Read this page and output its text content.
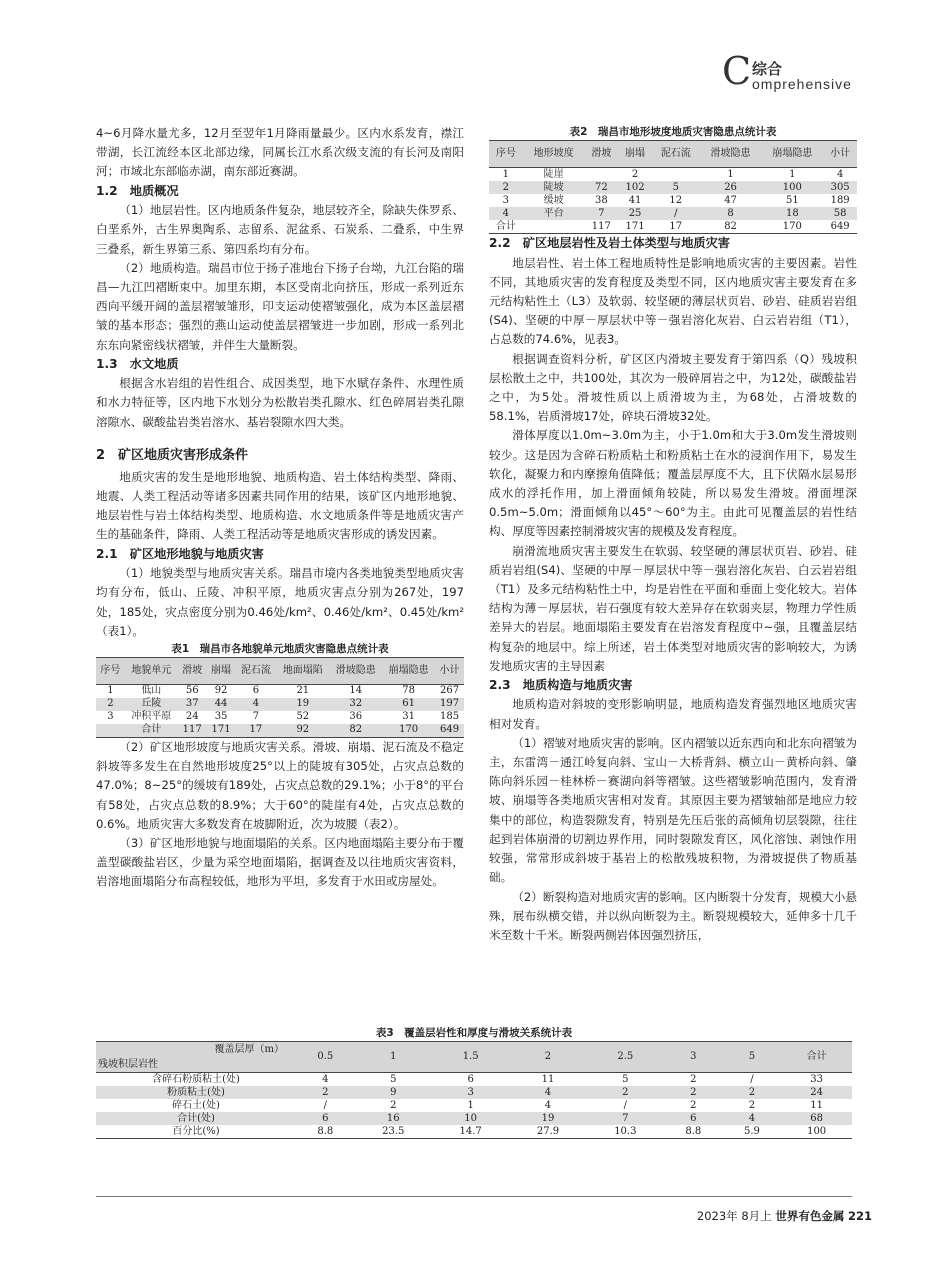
C 综合
omprehensive

4~6月降水量尤多，12月至翌年1月降雨量最少。区内水系发育，襟江带湖，长江流经本区北部边缘，同属长江水系次级支流的有长河及南阳河；市域北东部临赤湖，南东部近赛湖。

1.2　地质概况

（1）地层岩性。区内地质条件复杂，地层较齐全，除缺失侏罗系、白垩系外，古生界奥陶系、志留系、泥盆系、石炭系、二叠系，中生界三叠系，新生界第三系、第四系均有分布。

（2）地质构造。瑞昌市位于扬子准地台下扬子台坳，九江台陷的瑞昌—九江凹褶断束中。加里东期，本区受南北向挤压，形成一系列近东西向平缓开阔的盖层褶皱雏形，印支运动使褶皱强化，成为本区盖层褶皱的基本形态；强烈的燕山运动使盖层褶皱进一步加剧，形成一系列北东东向紧密线状褶皱，并伴生大量断裂。

1.3　水文地质

根据含水岩组的岩性组合、成因类型，地下水赋存条件、水理性质和水力特征等，区内地下水划分为松散岩类孔隙水、红色碎屑岩类孔隙溶隙水、碳酸盐岩类岩溶水、基岩裂隙水四大类。

2　矿区地质灾害形成条件

地质灾害的发生是地形地貌、地质构造、岩土体结构类型、降雨、地震、人类工程活动等诸多因素共同作用的结果，该矿区内地形地貌、地层岩性与岩土体结构类型、地质构造、水文地质条件等是地质灾害产生的基础条件，降雨、人类工程活动等是地质灾害形成的诱发因素。

2.1　矿区地形地貌与地质灾害

（1）地貌类型与地质灾害关系。瑞昌市境内各类地貌类型地质灾害均有分布，低山、丘陵、冲积平原，地质灾害点分别为267处，197处，185处，灾点密度分别为0.46处/km²、0.46处/km²、0.45处/km²（表1）。

表1　瑞昌市各地貌单元地质灾害隐患点统计表

序号	地貌单元	滑坡	崩塌	泥石流	地面塌陷	滑坡隐患	崩塌隐患	小计
1	低山	56	92	6	21	14	78	267
2	丘陵	37	44	4	19	32	61	197
3	冲积平原	24	35	7	52	36	31	185
	合计	117	171	17	92	82	170	649

（2）矿区地形坡度与地质灾害关系。滑坡、崩塌、泥石流及不稳定斜坡等多发生在自然地形坡度25°以上的陡坡有305处，占灾点总数的47.0%；8~25°的缓坡有189处，占灾点总数的29.1%；小于8°的平台有58处，占灾点总数的8.9%；大于60°的陡崖有4处，占灾点总数的0.6%。地质灾害大多数发育在坡脚附近，次为坡腰（表2）。

（3）矿区地形地貌与地面塌陷的关系。区内地面塌陷主要分布于覆盖型碳酸盐岩区，少量为采空地面塌陷，据调查及以往地质灾害资料，岩溶地面塌陷分布高程较低，地形为平坦，多发育于水田或房屋处。

表2　瑞昌市地形坡度地质灾害隐患点统计表

序号	地形坡度	滑坡	崩塌	泥石流	滑坡隐患	崩塌隐患	小计
1	陡崖		2		1	1	4
2	陡坡	72	102	5	26	100	305
3	缓坡	38	41	12	47	51	189
4	平台	7	25	/	8	18	58
合计		117	171	17	82	170	649

2.2　矿区地层岩性及岩土体类型与地质灾害

地层岩性、岩土体工程地质特性是影响地质灾害的主要因素。岩性不同，其地质灾害的发育程度及类型不同，区内地质灾害主要发育在多元结构粘性土（L3）及软弱、较坚硬的薄层状页岩、砂岩、硅质岩岩组(S4)、坚硬的中厚－厚层状中等－强岩溶化灰岩、白云岩岩组（T1），占总数的74.6%，见表3。

根据调查资料分析，矿区区内滑坡主要发育于第四系（Q）残坡积层松散土之中，共100处，其次为一般碎屑岩之中，为12处，碳酸盐岩之中，为5处。滑坡性质以上质滑坡为主，为68处，占滑坡数的58.1%，岩质滑坡17处，碎块石滑坡32处。

滑体厚度以1.0m~3.0m为主，小于1.0m和大于3.0m发生滑坡则较少。这是因为含碎石粉质粘土和粉质粘土在水的浸润作用下，易发生软化，凝聚力和内摩擦角值降低；覆盖层厚度不大，且下伏隔水层易形成水的浮托作用，加上滑面倾角较陡，所以易发生滑坡。滑面埋深0.5m~5.0m；滑面倾角以45°～60°为主。由此可见覆盖层的岩性结构、厚度等因素控制滑坡灾害的规模及发育程度。

崩滑流地质灾害主要发生在软弱、较坚硬的薄层状页岩、砂岩、硅质岩岩组(S4)、坚硬的中厚－厚层状中等－强岩溶化灰岩、白云岩岩组（T1）及多元结构粘性土中，均是岩性在平面和垂面上变化较大。岩体结构为薄－厚层状，岩石强度有较大差异存在软弱夹层，物理力学性质差异大的岩层。地面塌陷主要发育在岩溶发育程度中~强，且覆盖层结构复杂的地层中。综上所述，岩土体类型对地质灾害的影响较大，为诱发地质灾害的主导因素

2.3　地质构造与地质灾害

地质构造对斜坡的变形影响明显，地质构造发育强烈地区地质灾害相对发育。

（1）褶皱对地质灾害的影响。区内褶皱以近东西向和北东向褶皱为主，东雷湾－通江岭复向斜、宝山－大桥背斜、横立山－黄桥向斜、肇陈向斜乐园－桂林桥－赛湖向斜等褶皱。这些褶皱影响范围内，发育滑坡、崩塌等各类地质灾害相对发育。其原因主要为褶皱轴部是地应力较集中的部位，构造裂隙发育，特别是先压后张的高倾角切层裂隙，往往起到岩体崩滑的切割边界作用，同时裂隙发育区，风化溶蚀、剥蚀作用较强，常常形成斜坡于基岩上的松散残坡积物，为滑坡提供了物质基础。

（2）断裂构造对地质灾害的影响。区内断裂十分发育，规模大小悬殊，展布纵横交错，并以纵向断裂为主。断裂规模较大，延伸多十几千米至数十千米。断裂两侧岩体因强烈挤压，

表3　覆盖层岩性和厚度与滑坡关系统计表

覆盖层厚（m）
残坡积层岩性	0.5	1	1.5	2	2.5	3	5	合计
含碎石粉质粘土(处)	4	5	6	11	5	2	/	33
粉质粘土(处)	2	9	3	4	2	2	2	24
碎石土(处)	/	2	1	4	/	2	2	11
合计(处)	6	16	10	19	7	6	4	68
百分比(%)	8.8	23.5	14.7	27.9	10.3	8.8	5.9	100
2023年 8月上 世界有色金属 221
